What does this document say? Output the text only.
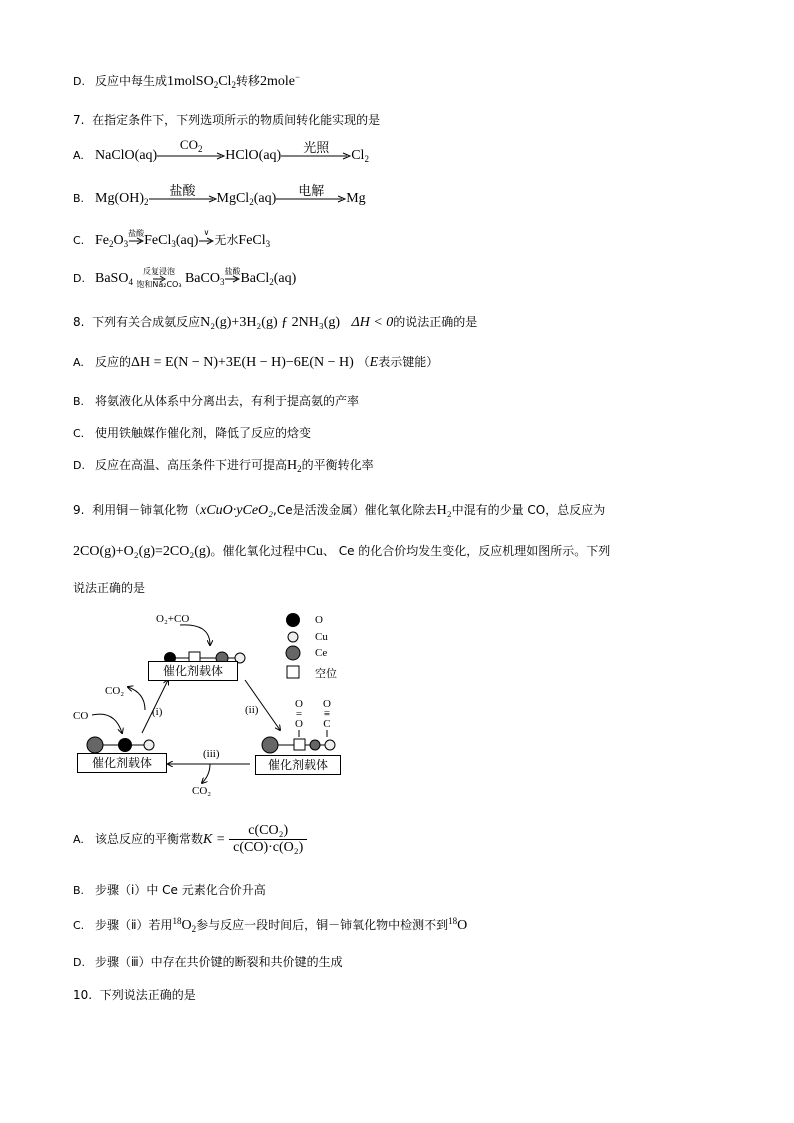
D. 反应中每生成$1molSO_2Cl_2$转移2mole−
7. 在指定条件下，下列选项所示的物质间转化能实现的是
A. NaClO(aq)
$CO_2$	HClO(aq)	光照	$Cl_2$
B. $Mg(OH)_2$
盐酸	MgCl$_2$(aq)	电解	Mg
C. $Fe_2O_3$
盐酸 FeCl$_3$(aq)
∨
无水FeCl$_3$
D. BaSO$_4$
反复浸泡
饱和Na₂CO₃ BaCO$_3$
盐酸 BaCl$_2$(aq)
8. 下列有关合成氨反应N₂(g)+3H₂(g) ƒ 2NH₃(g) ΔH < 0的说法正确的是
A. 反应的ΔH = E(N − N)+3E(H − H)−6E(N − H) （E表示键能）
B. 将氨液化从体系中分离出去，有利于提高氨的产率
C. 使用铁触媒作催化剂，降低了反应的焓变
D. 反应在高温、高压条件下进行可提高$H_2$的平衡转化率
9. 利用铜－铈氧化物（xCuO·yCeO₂,Ce是活泼金属）催化氧化除去H₂中混有的少量 CO，总反应为
2CO(g)+O₂(g)=2CO₂(g)。催化氧化过程中Cu、 Ce 的化合价均发生变化，反应机理如图所示。下列
说法正确的是
催化剂载体
催化剂载体	催化剂载体
O₂+CO
CO₂
CO
CO₂
(i)	(ii)
(iii)
O
=
O
O
≡
C
O
Cu
Ce
空位
A. 该总反应的平衡常数$K = \frac{\text{c(CO₂)}}{\text{c(CO)·c(O₂)}}$
B. 步骤（ⅰ）中 Ce 元素化合价升高
C. 步骤（ⅱ）若用$^{18}O_2$参与反应一段时间后，铜－铈氧化物中检测不到$^{18}$O
D. 步骤（ⅲ）中存在共价键的断裂和共价键的生成
10. 下列说法正确的是
